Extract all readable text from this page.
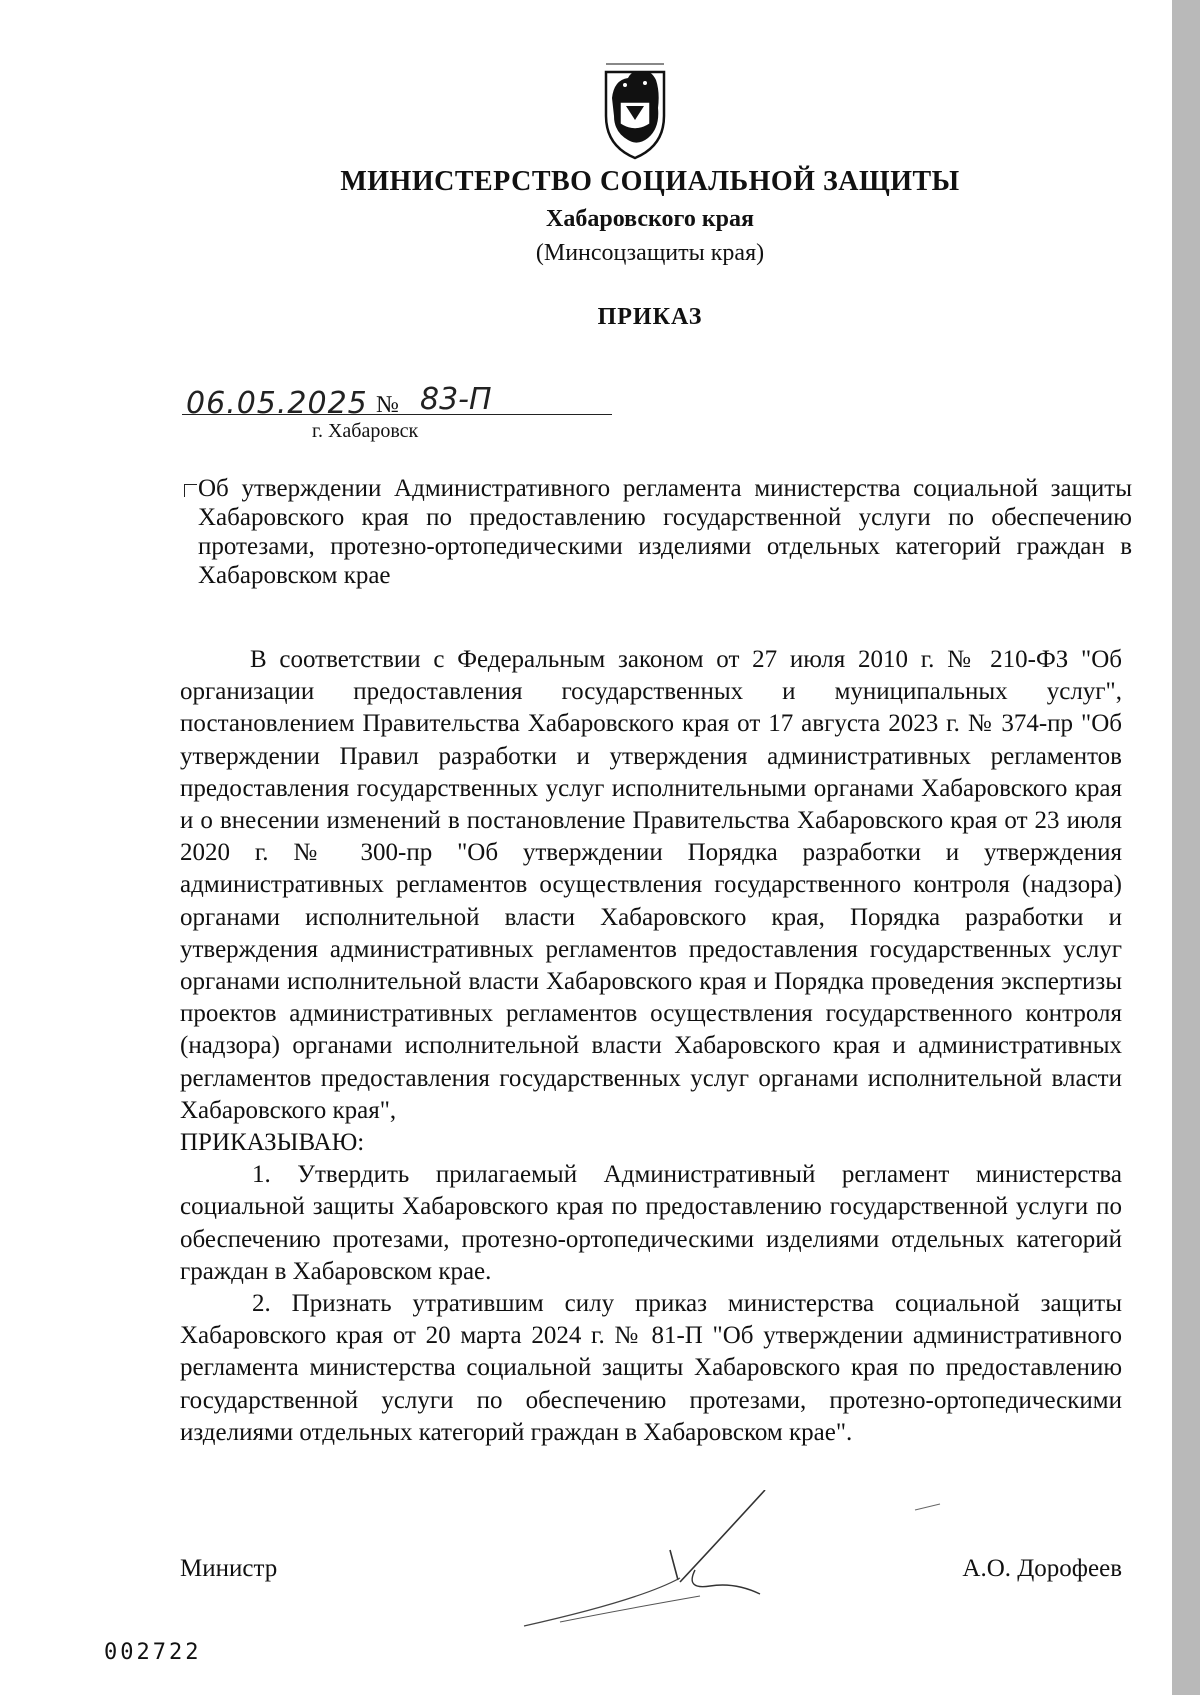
МИНИСТЕРСТВО СОЦИАЛЬНОЙ ЗАЩИТЫ
Хабаровского края
(Минсоцзащиты края)
ПРИКАЗ
06.05.2025 № 83-П
г. Хабаровск
Об утверждении Административного регламента министерства социальной защиты Хабаровского края по предоставлению государственной услуги по обеспечению протезами, протезно-ортопедическими изделиями отдельных категорий граждан в Хабаровском крае

В соответствии с Федеральным законом от 27 июля 2010 г. № 210-ФЗ "Об организации предоставления государственных и муниципальных услуг", постановлением Правительства Хабаровского края от 17 августа 2023 г. № 374-пр "Об утверждении Правил разработки и утверждения административных регламентов предоставления государственных услуг исполнительными органами Хабаровского края и о внесении изменений в постановление Правительства Хабаровского края от 23 июля 2020 г. № 300-пр "Об утверждении Порядка разработки и утверждения административных регламентов осуществления государственного контроля (надзора) органами исполнительной власти Хабаровского края, Порядка разработки и утверждения административных регламентов предоставления государственных услуг органами исполнительной власти Хабаровского края и Порядка проведения экспертизы проектов административных регламентов осуществления государственного контроля (надзора) органами исполнительной власти Хабаровского края и административных регламентов предоставления государственных услуг органами исполнительной власти Хабаровского края",

ПРИКАЗЫВАЮ:

1. Утвердить прилагаемый Административный регламент министерства социальной защиты Хабаровского края по предоставлению государственной услуги по обеспечению протезами, протезно-ортопедическими изделиями отдельных категорий граждан в Хабаровском крае.

2. Признать утратившим силу приказ министерства социальной защиты Хабаровского края от 20 марта 2024 г. № 81-П "Об утверждении административного регламента министерства социальной защиты Хабаровского края по предоставлению государственной услуги по обеспечению протезами, протезно-ортопедическими изделиями отдельных категорий граждан в Хабаровском крае".

Министр	А.О. Дорофеев
002722
